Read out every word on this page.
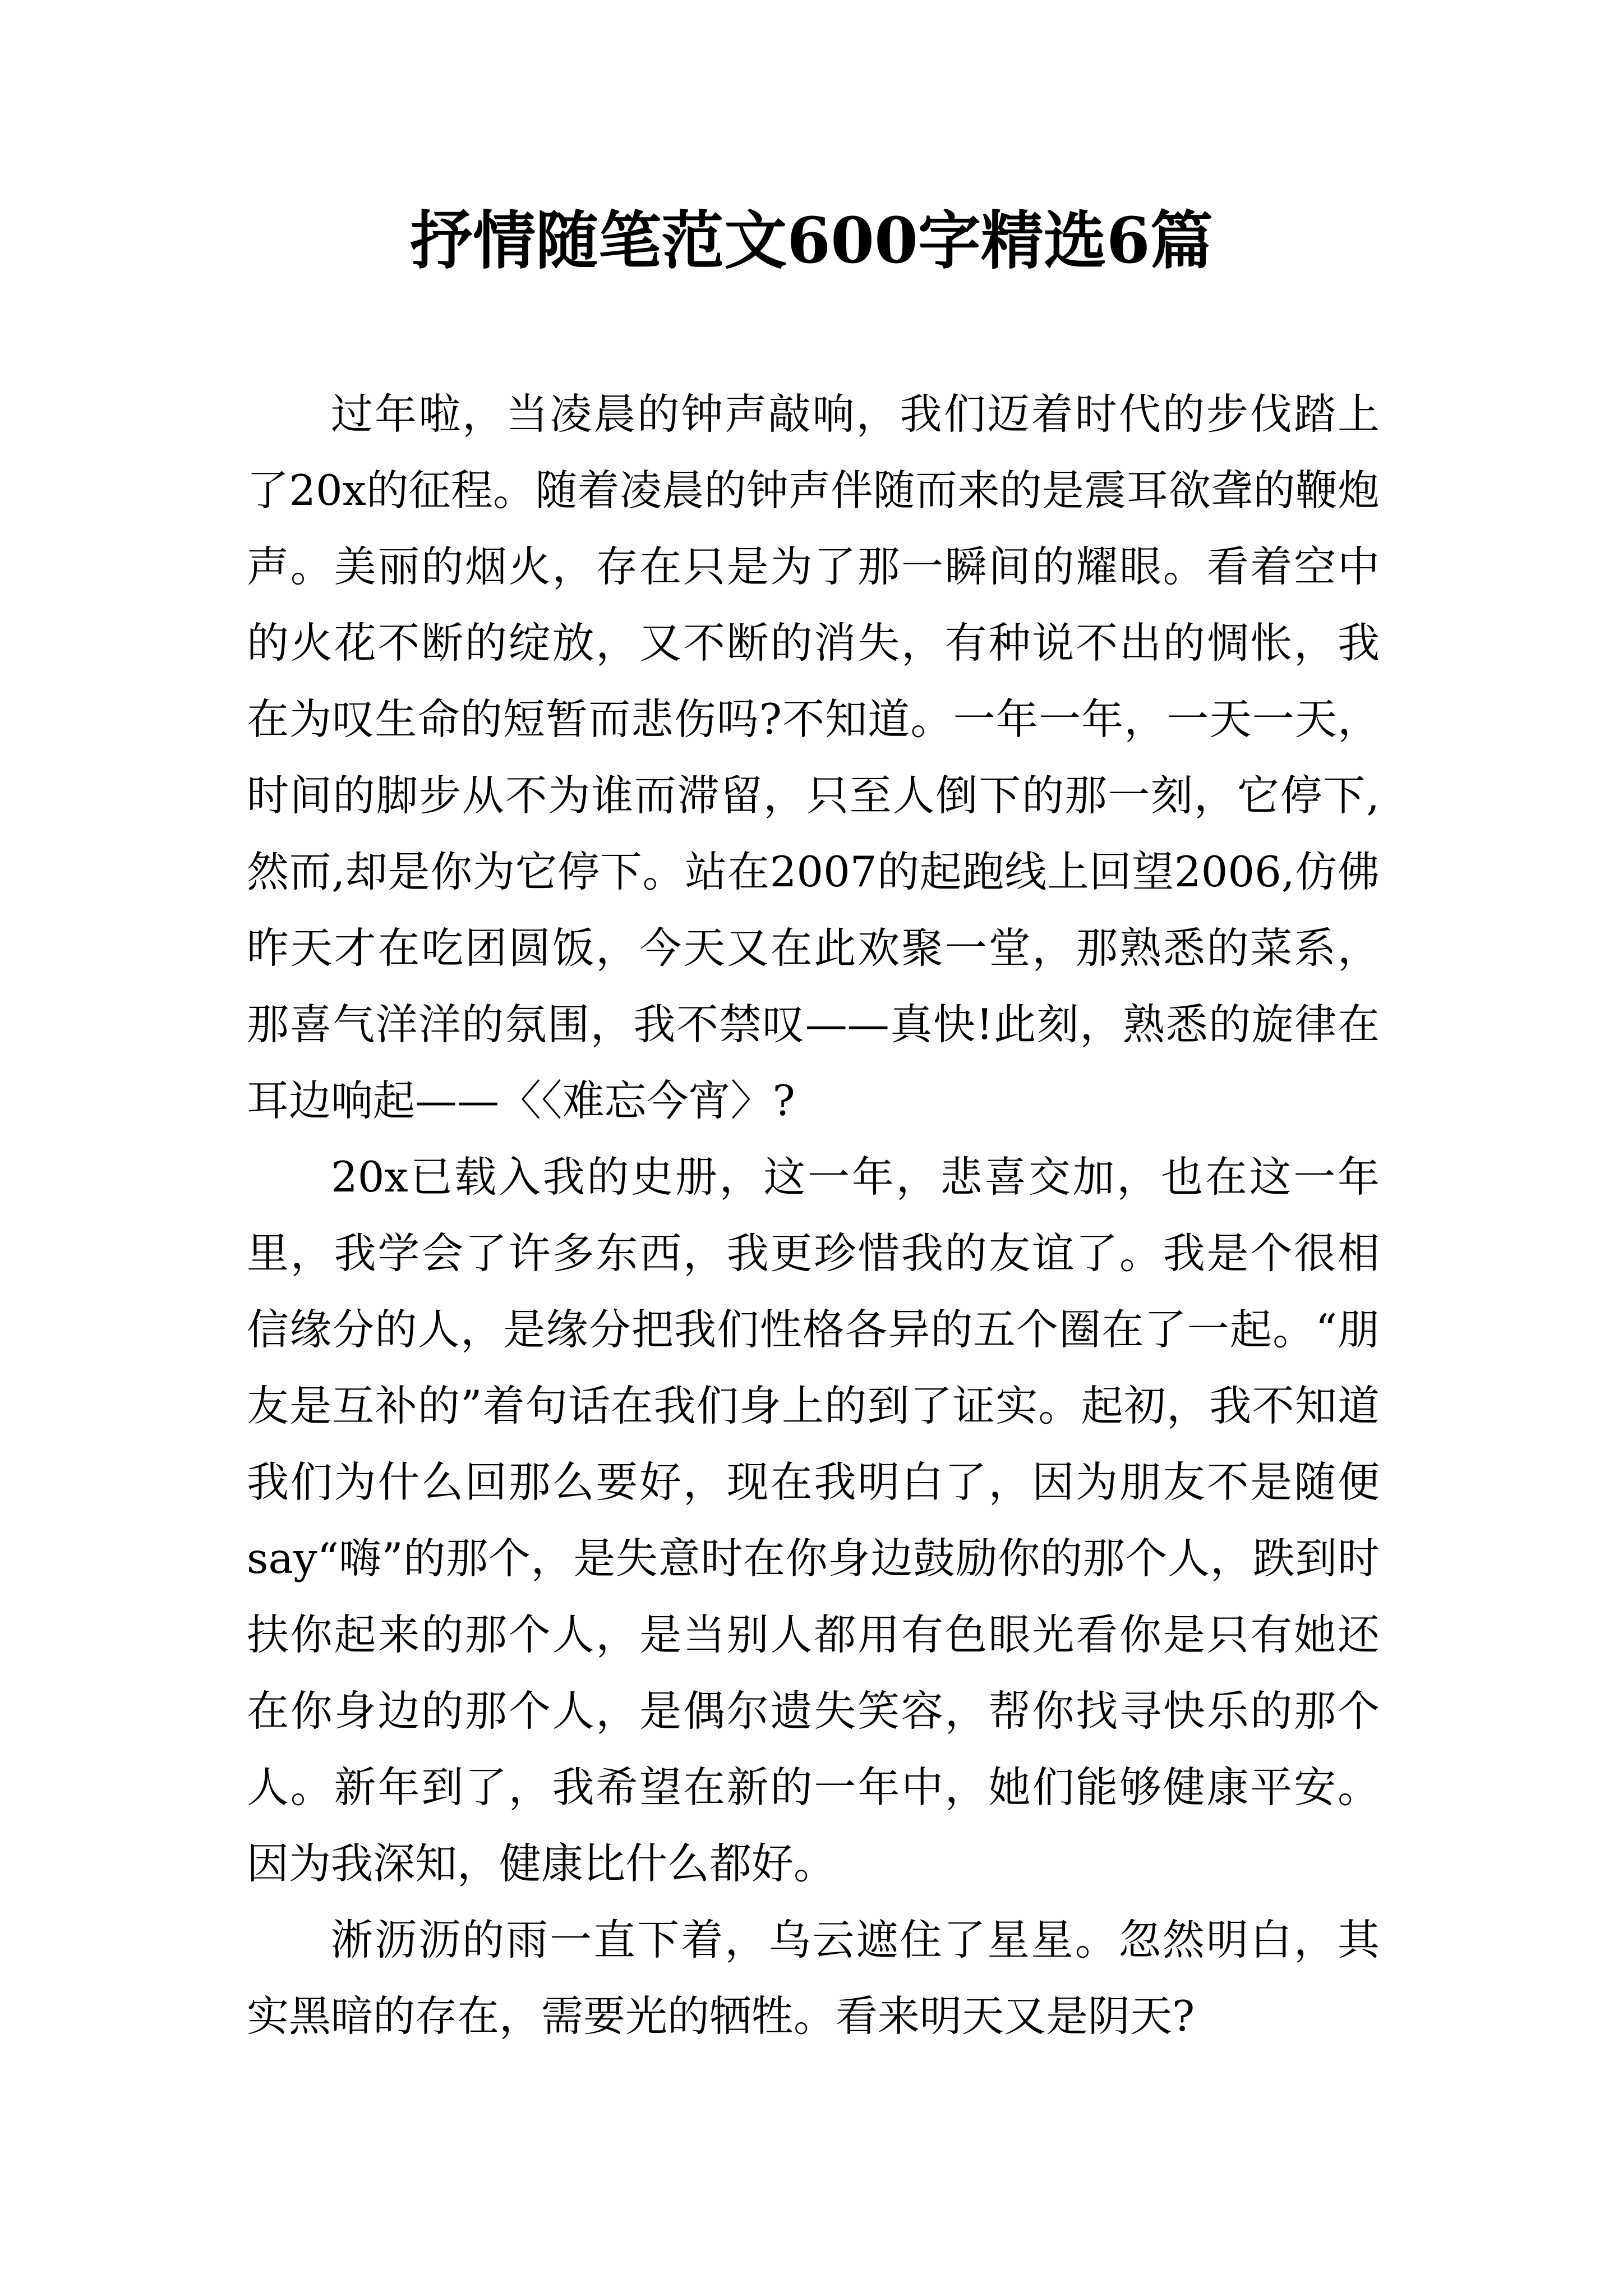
抒情随笔范文600字精选6篇

过年啦，当凌晨的钟声敲响，我们迈着时代的步伐踏上了20x的征程。随着凌晨的钟声伴随而来的是震耳欲聋的鞭炮声。美丽的烟火，存在只是为了那一瞬间的耀眼。看着空中的火花不断的绽放，又不断的消失，有种说不出的惆怅，我在为叹生命的短暂而悲伤吗?不知道。一年一年，一天一天，时间的脚步从不为谁而滞留，只至人倒下的那一刻，它停下,然而,却是你为它停下。站在2007的起跑线上回望2006,仿佛昨天才在吃团圆饭，今天又在此欢聚一堂，那熟悉的菜系，那喜气洋洋的氛围，我不禁叹——真快!此刻，熟悉的旋律在耳边响起——〈〈难忘今宵〉?

20x已载入我的史册，这一年，悲喜交加，也在这一年里，我学会了许多东西，我更珍惜我的友谊了。我是个很相信缘分的人，是缘分把我们性格各异的五个圈在了一起。“朋友是互补的”着句话在我们身上的到了证实。起初，我不知道我们为什么回那么要好，现在我明白了，因为朋友不是随便say“嗨”的那个，是失意时在你身边鼓励你的那个人，跌到时扶你起来的那个人，是当别人都用有色眼光看你是只有她还在你身边的那个人，是偶尔遗失笑容，帮你找寻快乐的那个人。新年到了，我希望在新的一年中，她们能够健康平安。因为我深知，健康比什么都好。

淅沥沥的雨一直下着，乌云遮住了星星。忽然明白，其实黑暗的存在，需要光的牺牲。看来明天又是阴天?
